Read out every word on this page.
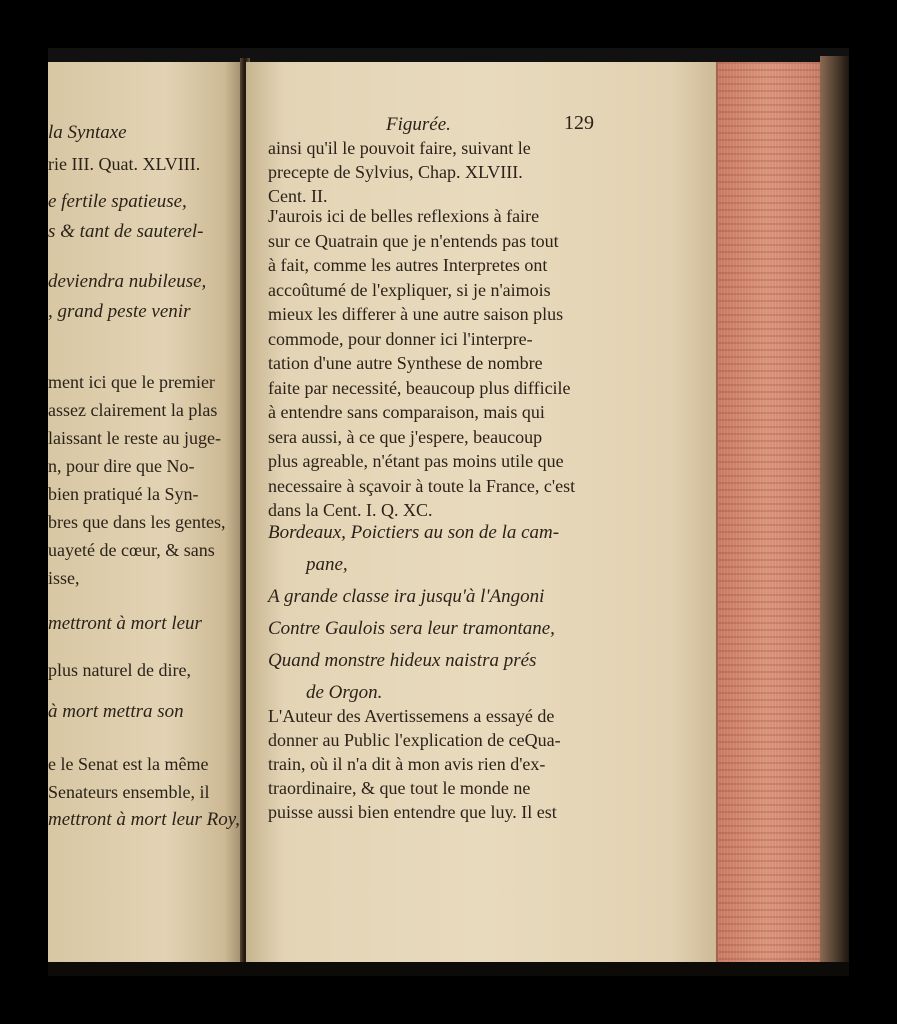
la Syntaxe
rie III. Quat. XLVIII.
e fertile spatieuse,
s & tant de sauterel-
deviendra nubileuse,
, grand peste venir
ment ici que le premier
assez clairement la plas
laissant le reste au juge-
n, pour dire que No-
bien pratiqué la Syn-
bres que dans les gentes,
uayeté de cœur, & sans
isse,
mettront à mort leur
plus naturel de dire,
à mort mettra son
e le Senat est la même
Senateurs ensemble, il
mettront à mort leur Roy,
Figurée.	129
ainsi qu'il le pouvoit faire, suivant le
precepte de Sylvius, Chap. XLVIII.
Cent. II.
J'aurois ici de belles reflexions à faire
sur ce Quatrain que je n'entends pas tout
à fait, comme les autres Interpretes ont
accoûtumé de l'expliquer, si je n'aimois
mieux les differer à une autre saison plus
commode, pour donner ici l'interpre-
tation d'une autre Synthese de nombre
faite par necessité, beaucoup plus difficile
à entendre sans comparaison, mais qui
sera aussi, à ce que j'espere, beaucoup
plus agreable, n'étant pas moins utile que
necessaire à sçavoir à toute la France, c'est
dans la Cent. I. Q. XC.
Bordeaux, Poictiers au son de la cam-
pane,
A grande classe ira jusqu'à l'Angoni
Contre Gaulois sera leur tramontane,
Quand monstre hideux naistra prés
de Orgon.
L'Auteur des Avertissemens a essayé de
donner au Public l'explication de ceQua-
train, où il n'a dit à mon avis rien d'ex-
traordinaire, & que tout le monde ne
puisse aussi bien entendre que luy. Il est
